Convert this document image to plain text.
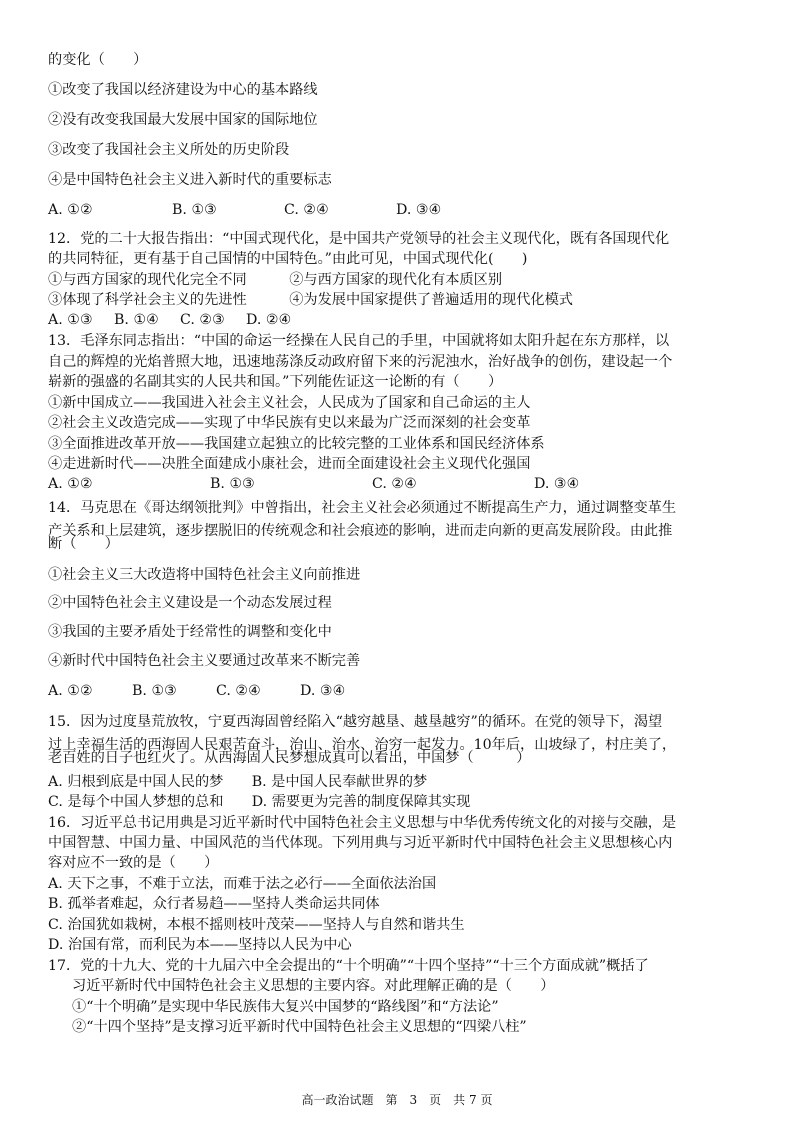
的变化（　　）
①改变了我国以经济建设为中心的基本路线
②没有改变我国最大发展中国家的国际地位
③改变了我国社会主义所处的历史阶段
④是中国特色社会主义进入新时代的重要标志
A. ①②	B. ①③	C. ②④	D. ③④
12．党的二十大报告指出：“中国式现代化，是中国共产党领导的社会主义现代化，既有各国现代化
的共同特征，更有基于自己国情的中国特色。”由此可见，中国式现代化(　　)
①与西方国家的现代化完全不同　　　②与西方国家的现代化有本质区别
③体现了科学社会主义的先进性　　　④为发展中国家提供了普遍适用的现代化模式
A. ①③	B. ①④	C. ②③	D. ②④
13．毛泽东同志指出：“中国的命运一经操在人民自己的手里，中国就将如太阳升起在东方那样，以
自己的辉煌的光焰普照大地，迅速地荡涤反动政府留下来的污泥浊水，治好战争的创伤，建设起一个
崭新的强盛的名副其实的人民共和国。”下列能佐证这一论断的有（　　）
①新中国成立——我国进入社会主义社会，人民成为了国家和自己命运的主人
②社会主义改造完成——实现了中华民族有史以来最为广泛而深刻的社会变革
③全面推进改革开放——我国建立起独立的比较完整的工业体系和国民经济体系
④走进新时代——决胜全面建成小康社会，进而全面建设社会主义现代化强国
A. ①②	B. ①③	C. ②④	D. ③④
14．马克思在《哥达纲领批判》中曾指出，社会主义社会必须通过不断提高生产力，通过调整变革生
产关系和上层建筑，逐步摆脱旧的传统观念和社会痕迹的影响，进而走向新的更高发展阶段。由此推
断（　　）
①社会主义三大改造将中国特色社会主义向前推进
②中国特色社会主义建设是一个动态发展过程
③我国的主要矛盾处于经常性的调整和变化中
④新时代中国特色社会主义要通过改革来不断完善
A. ①②	B. ①③	C. ②④	D. ③④
15．因为过度垦荒放牧，宁夏西海固曾经陷入“越穷越垦、越垦越穷”的循环。在党的领导下，渴望
过上幸福生活的西海固人民艰苦奋斗，治山、治水、治穷一起发力。10年后，山坡绿了，村庄美了，
老百姓的日子也红火了。从西海固人民梦想成真可以看出，中国梦（　　　）
A. 归根到底是中国人民的梦　　B. 是中国人民奉献世界的梦
C. 是每个中国人梦想的总和　　D. 需要更为完善的制度保障其实现
16．习近平总书记用典是习近平新时代中国特色社会主义思想与中华优秀传统文化的对接与交融，是
中国智慧、中国力量、中国风范的当代体现。下列用典与习近平新时代中国特色社会主义思想核心内
容对应不一致的是（　　）
A. 天下之事，不难于立法，而难于法之必行——全面依法治国
B. 孤举者难起，众行者易趋——坚持人类命运共同体
C. 治国犹如栽树，本根不摇则枝叶茂荣——坚持人与自然和谐共生
D. 治国有常，而利民为本——坚持以人民为中心
17．党的十九大、党的十九届六中全会提出的“十个明确”“十四个坚持”“十三个方面成就”概括了
习近平新时代中国特色社会主义思想的主要内容。对此理解正确的是（　　）
①“十个明确”是实现中华民族伟大复兴中国梦的“路线图”和“方法论”
②“十四个坚持”是支撑习近平新时代中国特色社会主义思想的“四梁八柱”
高一政治试题　第　3　页　共 7 页
